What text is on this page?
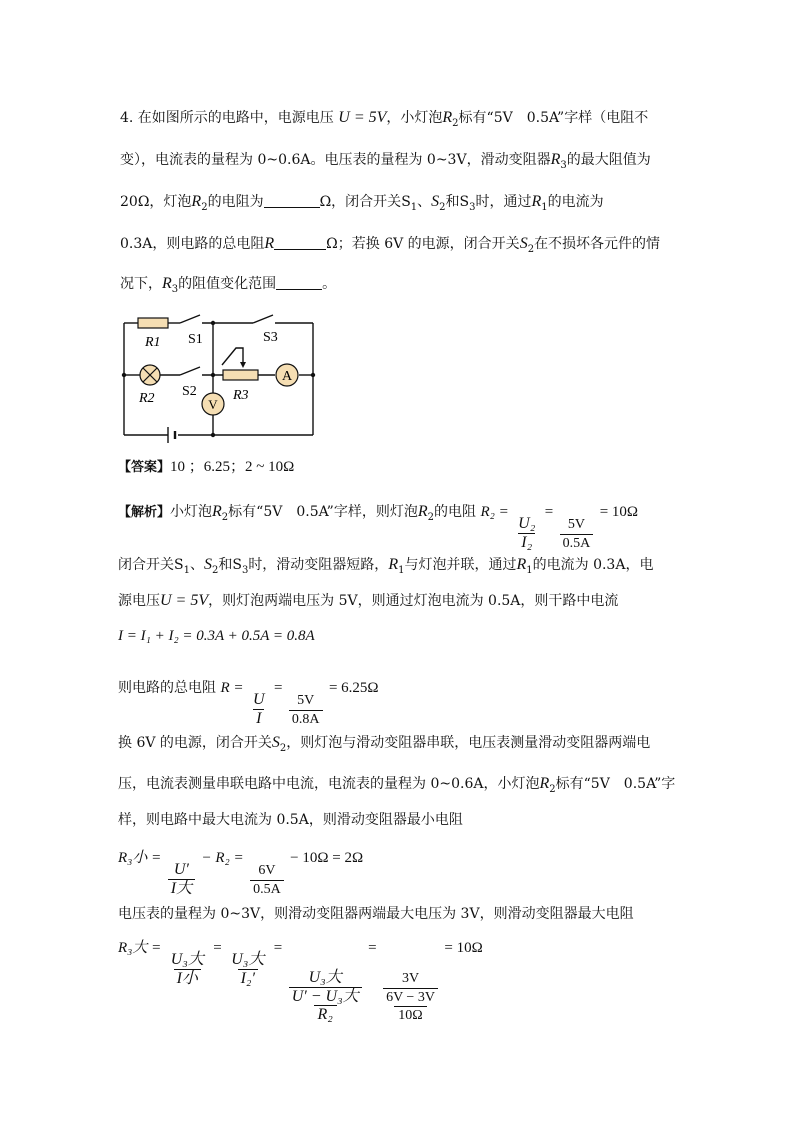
4. 在如图所示的电路中，电源电压 U = 5V，小灯泡$R_2$标有“5V　0.5A”字样（电阻不
变），电流表的量程为 0~0.6A。电压表的量程为 0~3V，滑动变阻器$R_3$的最大阻值为
20Ω，灯泡$R_2$的电阻为	Ω，闭合开关$S_1$、$S_2$和$S_3$时，通过$R_1$的电流为
0.3A，则电路的总电阻R	Ω；若换 6V 的电源，闭合开关$S_2$在不损坏各元件的情
况下，$R_3$的阻值变化范围	。
A
V
R1 S1	S3
R2 S2	R3
【答案】10 ；6.25；2 ~ 10Ω
【解析】小灯泡$R_2$标有“5V　0.5A”字样，则灯泡$R_2$的电阻 R₂ =
$\frac{\text{U₂}}{\text{I₂}}$
=
$\frac{5V}{0.5A}$
= 10Ω
闭合开关$S_1$、$S_2$和$S_3$时，滑动变阻器短路，$R_1$与灯泡并联，通过$R_1$的电流为 0.3A，电
源电压U = 5V，则灯泡两端电压为 5V，则通过灯泡电流为 0.5A，则干路中电流
I = I₁ + I₂ = 0.3A + 0.5A = 0.8A
则电路的总电阻 R =
$\frac{U}{I}$
=
$\frac{5V}{0.8A}$
= 6.25Ω
换 6V 的电源，闭合开关$S_2$，则灯泡与滑动变阻器串联，电压表测量滑动变阻器两端电
压，电流表测量串联电路中电流，电流表的量程为 0~0.6A，小灯泡$R_2$标有“5V　0.5A”字
样，则电路中最大电流为 0.5A，则滑动变阻器最小电阻
R₃小 =
$\frac{U'}{\text{I大}}$
− R₂ =
$\frac{6V}{0.5A}$
− 10Ω = 2Ω
电压表的量程为 0~3V，则滑动变阻器两端最大电压为 3V，则滑动变阻器最大电阻
R₃大 =
$\frac{\text{U₃大}}{\text{I小}}$
=
$\frac{\text{U₃大}}{\text{I₂′}}$
=
U₃大
U′ − U₃大
R₂
=
3V
6V − 3V
10Ω
= 10Ω
